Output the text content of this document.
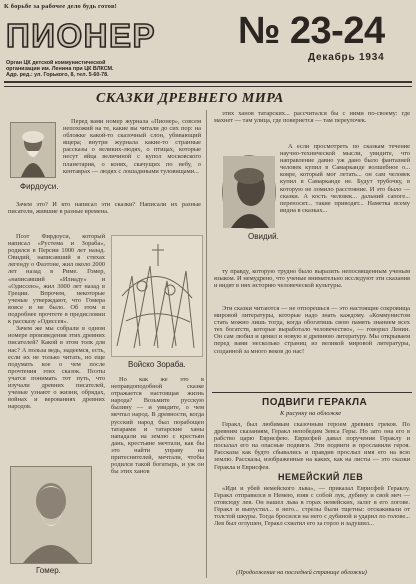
К борьбе за рабочее дело будь готов!
ПИОНЕР № 23-24
Декабрь 1934
Орган ЦК детской коммунистической
организации им. Ленина при ЦК ВЛКСМ.
Адр. ред.: ул. Горького, 8, тел. 5-60-78.
СКАЗКИ ДРЕВНЕГО МИРА
Фирдоуси.

Перед вами номер журнала «Пионер», совсем непохожий на те, какие вы читали до сих пор: на обложке какой-то сказочный слон, убивающий ящера; внутри журнала какие-то странные рассказы о великих-людях, о птицах, которые несут яйца величиной с купол московского планетария, о конях, скачущих по небу, о кентаврах — людях с лошадиными туловищами...

Зачем это? И кто написал эти сказки? Написали их разные писатели, жившие в разные времена.

Поэт Фирдоуси, который написал «Рустема и Зораба», родился в Персии 1000 лет назад. Овидий, написавший в стихах легенду о Фаэтоне, жил около 2000 лет назад в Риме. Гомер, «написавший «Илиаду» и «Одиссею», жил 3000 лет назад в Греции. Впрочем, некоторые ученые утверждают, что Гомера вовсе и не было. Об этом в подробнее прочтете в предисловии к рассказу «Одиссея».

Зачем же мы собрали в одном номере произведения этих древних писателей? Какой в этом толк для нас? А польза ведь, надеемся, есть, если их не только читать, но еще подумать кое о чем после прочтения этих сказок. Поэты учатся понимать тот путь, что изучали древних писателей, ученые узнают о жизни, обрядах, войнах и верованиях древних народов.

Войско Зораба.

Но как же это в неправдоподобной сказке отражается настоящая жизнь народа? Возьмите русскую былину — и увидите, о чем мечтал народ. В древности, когда русский народ был порабощен татарами и татарские ханы нападали на землю с крестьян дань, крестьяне мечтали, как бы это найти управу на притеснителей, мечтали, чтобы родился такой богатырь, и уж он бы этих ханов

Гомер.
Овидий.

этих ханов татарских... рассчитался бы с ними по-своему: где махнет — там улица, где повернется — там переулочек.

А если просмотреть по сказкам течение научно-технической мысли, увидите, что направление давно уж дано было фантазией человек купил в Самарканде волшебное о... ковре, который мог летать... он сам человек купил в Самарканде не. Будут трубочку, в которую не ломило расстояние. И это было — сказки. А кость человек... дальний сапоге... переносят... такие приводят... Наметка всему видна в сказках...

ту правду, которую трудно было выразить непосвященным ученым языком. И немудрено, что ученые внимательно исследуют эти сказания и видят в них историю человеческой культуры.

Эти сказки читаются — не отпорешься — это настоящие сокровища мировой литературы, которые надо знать каждому. «Коммунистом стать можно лишь тогда, когда обогатишь свою память знанием всех тех богатств, которые выработало человечество», — говорил Ленин. Он сам любил и ценил и новую и древнюю литературу. Мы открываем перед вами несколько страниц из великой мировой литературы, созданной за много веков до нас!

ПОДВИГИ ГЕРАКЛА
К рисунку на обложке

Геракл, был любимым сказочным героем древних греков. По древним сказаниям, Геракл непобедим Зевса Геры. Но зато она его в рабство царю Еврисфею. Еврисфей давал поручения Гераклу и посылал его на опасные подвиги. Эти подвиги и прославили героя. Рассказы как будто сбывались и правдив прослыл имя его на всю землю. Рассказы, изображенные на каких, как на листы — это сказки Геракла и Еврисфея.

НЕМЕЙСКИЙ ЛЕВ

«Иди и убей немейского льва», — приказал Еврисфей Гераклу. Геракл отправился в Немею, взяв с собой лук, дубину и свой меч — отовсюду лев. Он нашел льва в горах немейских, залег в его логове. Геракл и выпустил... в него... стрелы были тщетны: отскакивали от толстой шкуры. Тогда бросился на него с дубиной и ударил по голове... Лев был оглушен, Геракл схватил его за горло и задушил...

(Продолжение на последней странице обложки)
